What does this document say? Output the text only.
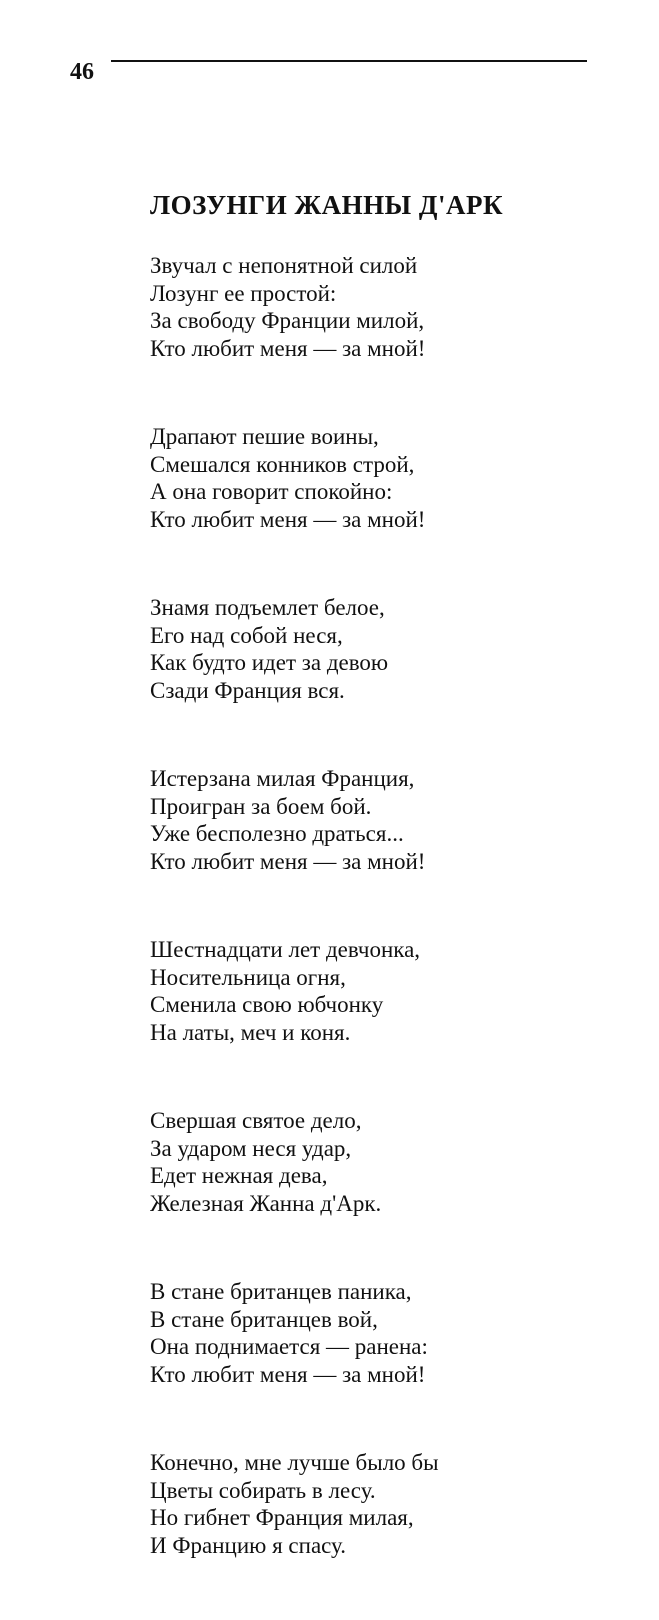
46
ЛОЗУНГИ ЖАННЫ Д'АРК
Звучал с непонятной силой
Лозунг ее простой:
За свободу Франции милой,
Кто любит меня — за мной!
Драпают пешие воины,
Смешался конников строй,
А она говорит спокойно:
Кто любит меня — за мной!
Знамя подъемлет белое,
Его над собой неся,
Как будто идет за девою
Сзади Франция вся.
Истерзана милая Франция,
Проигран за боем бой.
Уже бесполезно драться...
Кто любит меня — за мной!
Шестнадцати лет девчонка,
Носительница огня,
Сменила свою юбчонку
На латы, меч и коня.
Свершая святое дело,
За ударом неся удар,
Едет нежная дева,
Железная Жанна д'Арк.
В стане британцев паника,
В стане британцев вой,
Она поднимается — ранена:
Кто любит меня — за мной!
Конечно, мне лучше было бы
Цветы собирать в лесу.
Но гибнет Франция милая,
И Францию я спасу.
